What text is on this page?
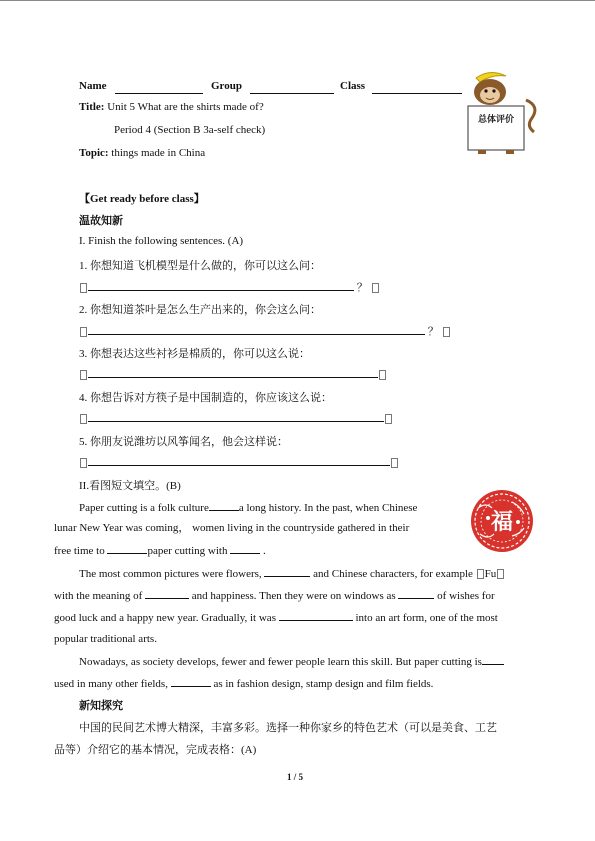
Name	Group	Class
Title: Unit 5 What are the shirts made of?
Period 4 (Section B 3a-self check)
Topic: things made in China
总体评价
【Get ready before class】
温故知新
I. Finish the following sentences. (A)
1. 你想知道飞机模型是什么做的，你可以这么问：
？
2. 你想知道茶叶是怎么生产出来的，你会这么问：
？
3. 你想表达这些衬衫是棉质的，你可以这么说：
4. 你想告诉对方筷子是中国制造的，你应该这么说：
5. 你朋友说潍坊以风筝闻名，他会这样说：
II.看图短文填空。(B)
福
Paper cutting is a folk culture	a long history. In the past, when Chinese
lunar New Year was coming， women living in the countryside gathered in their
free time to	paper cutting with	.
The most common pictures were flowers,	and Chinese characters, for example Fu
with the meaning of	and happiness. Then they were on windows as	of wishes for
good luck and a happy new year. Gradually, it was	into an art form, one of the most
popular traditional arts.
Nowadays, as society develops, fewer and fewer people learn this skill. But paper cutting is
used in many other fields,	as in fashion design, stamp design and film fields.
新知探究
中国的民间艺术博大精深，丰富多彩。选择一种你家乡的特色艺术（可以是美食、工艺
品等）介绍它的基本情况，完成表格：(A)
1 / 5
